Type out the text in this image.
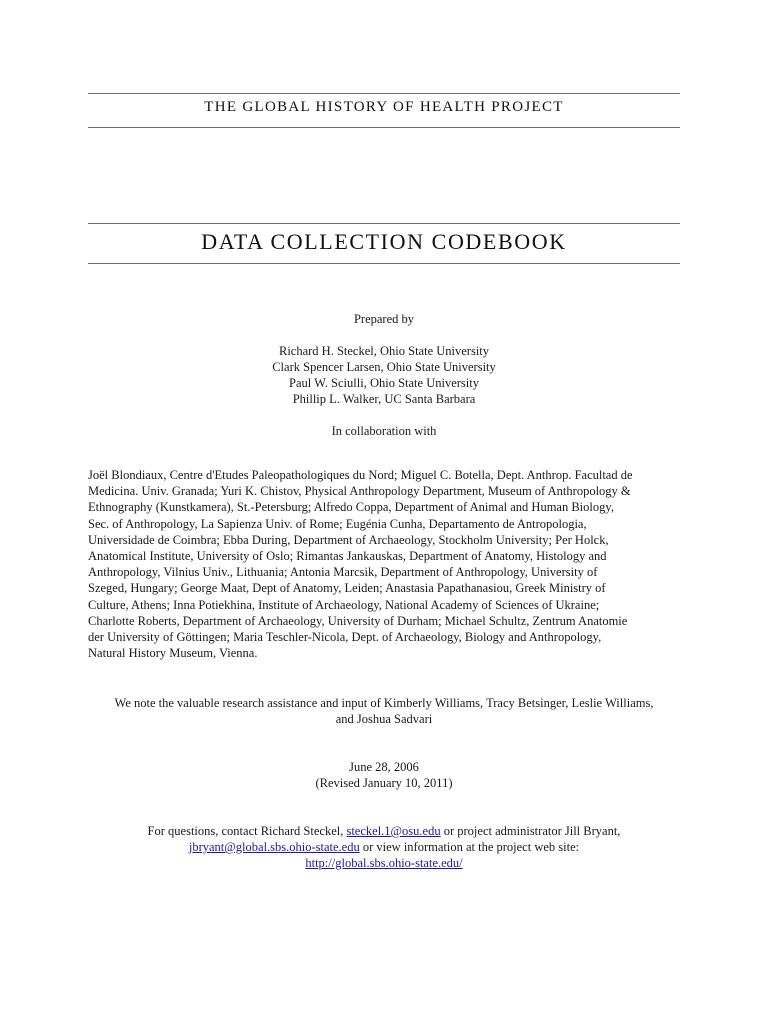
THE GLOBAL HISTORY OF HEALTH PROJECT
DATA COLLECTION CODEBOOK
Prepared by
Richard H. Steckel, Ohio State University
Clark Spencer Larsen, Ohio State University
Paul W. Sciulli, Ohio State University
Phillip L. Walker, UC Santa Barbara
In collaboration with
Joël Blondiaux, Centre d'Etudes Paleopathologiques du Nord; Miguel C. Botella, Dept. Anthrop. Facultad de
Medicina. Univ. Granada; Yuri K. Chistov, Physical Anthropology Department, Museum of Anthropology &
Ethnography (Kunstkamera), St.-Petersburg; Alfredo Coppa, Department of Animal and Human Biology,
Sec. of Anthropology, La Sapienza Univ. of Rome; Eugénia Cunha, Departamento de Antropologia,
Universidade de Coimbra; Ebba During, Department of Archaeology, Stockholm University; Per Holck,
Anatomical Institute, University of Oslo; Rimantas Jankauskas, Department of Anatomy, Histology and
Anthropology, Vilnius Univ., Lithuania; Antonia Marcsik, Department of Anthropology, University of
Szeged, Hungary; George Maat, Dept of Anatomy, Leiden; Anastasia Papathanasiou, Greek Ministry of
Culture, Athens; Inna Potiekhina, Institute of Archaeology, National Academy of Sciences of Ukraine;
Charlotte Roberts, Department of Archaeology, University of Durham; Michael Schultz, Zentrum Anatomie
der University of Göttingen; Maria Teschler-Nicola, Dept. of Archaeology, Biology and Anthropology,
Natural History Museum, Vienna.
We note the valuable research assistance and input of Kimberly Williams, Tracy Betsinger, Leslie Williams,
and Joshua Sadvari
June 28, 2006
(Revised January 10, 2011)
For questions, contact Richard Steckel, steckel.1@osu.edu or project administrator Jill Bryant,
jbryant@global.sbs.ohio-state.edu or view information at the project web site:
http://global.sbs.ohio-state.edu/
